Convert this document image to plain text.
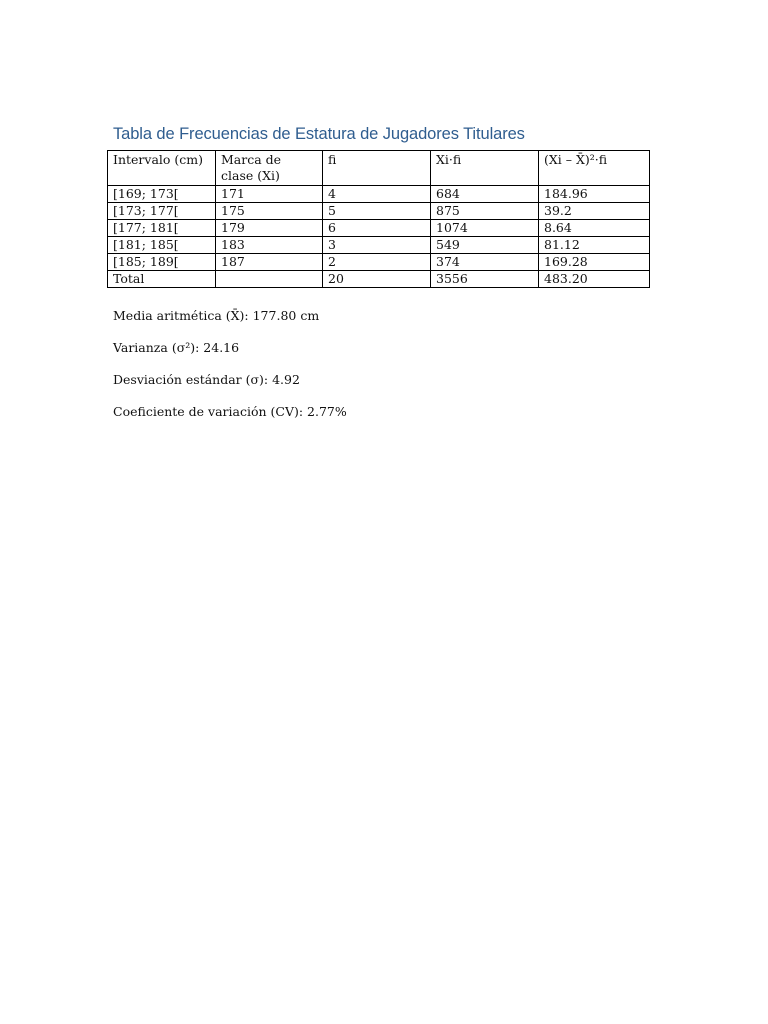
Tabla de Frecuencias de Estatura de Jugadores Titulares
Intervalo (cm)	Marca de clase (Xi)	fi	Xi·fi	(Xi – X̄)²·fi
[169; 173[	171	4	684	184.96
[173; 177[	175	5	875	39.2
[177; 181[	179	6	1074	8.64
[181; 185[	183	3	549	81.12
[185; 189[	187	2	374	169.28
Total		20	3556	483.20

Media aritmética (X̄): 177.80 cm

Varianza (σ²): 24.16

Desviación estándar (σ): 4.92

Coeficiente de variación (CV): 2.77%
